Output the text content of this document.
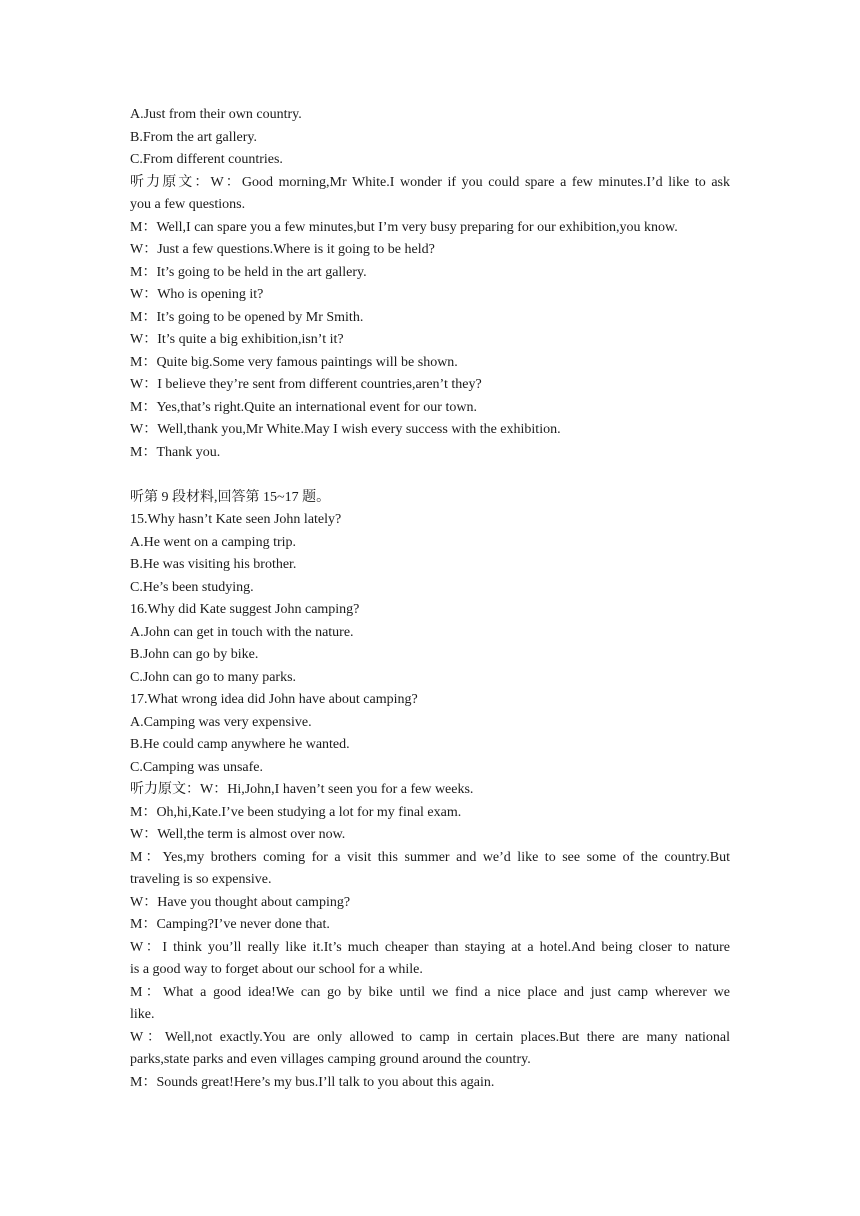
A.Just from their own country.
B.From the art gallery.
C.From different countries.
听力原文：W：Good morning,Mr White.I wonder if you could spare a few minutes.I’d like to ask
you a few questions.
M：Well,I can spare you a few minutes,but I’m very busy preparing for our exhibition,you know.
W：Just a few questions.Where is it going to be held?
M：It’s going to be held in the art gallery.
W：Who is opening it?
M：It’s going to be opened by Mr Smith.
W：It’s quite a big exhibition,isn’t it?
M：Quite big.Some very famous paintings will be shown.
W：I believe they’re sent from different countries,aren’t they?
M：Yes,that’s right.Quite an international event for our town.
W：Well,thank you,Mr White.May I wish every success with the exhibition.
M：Thank you.
听第 9 段材料,回答第 15~17 题。
15.Why hasn’t Kate seen John lately?
A.He went on a camping trip.
B.He was visiting his brother.
C.He’s been studying.
16.Why did Kate suggest John camping?
A.John can get in touch with the nature.
B.John can go by bike.
C.John can go to many parks.
17.What wrong idea did John have about camping?
A.Camping was very expensive.
B.He could camp anywhere he wanted.
C.Camping was unsafe.
听力原文：W：Hi,John,I haven’t seen you for a few weeks.
M：Oh,hi,Kate.I’ve been studying a lot for my final exam.
W：Well,the term is almost over now.
M：Yes,my brothers coming for a visit this summer and we’d like to see some of the country.But
traveling is so expensive.
W：Have you thought about camping?
M：Camping?I’ve never done that.
W：I think you’ll really like it.It’s much cheaper than staying at a hotel.And being closer to nature
is a good way to forget about our school for a while.
M：What a good idea!We can go by bike until we find a nice place and just camp wherever we
like.
W：Well,not exactly.You are only allowed to camp in certain places.But there are many national
parks,state parks and even villages camping ground around the country.
M：Sounds great!Here’s my bus.I’ll talk to you about this again.
